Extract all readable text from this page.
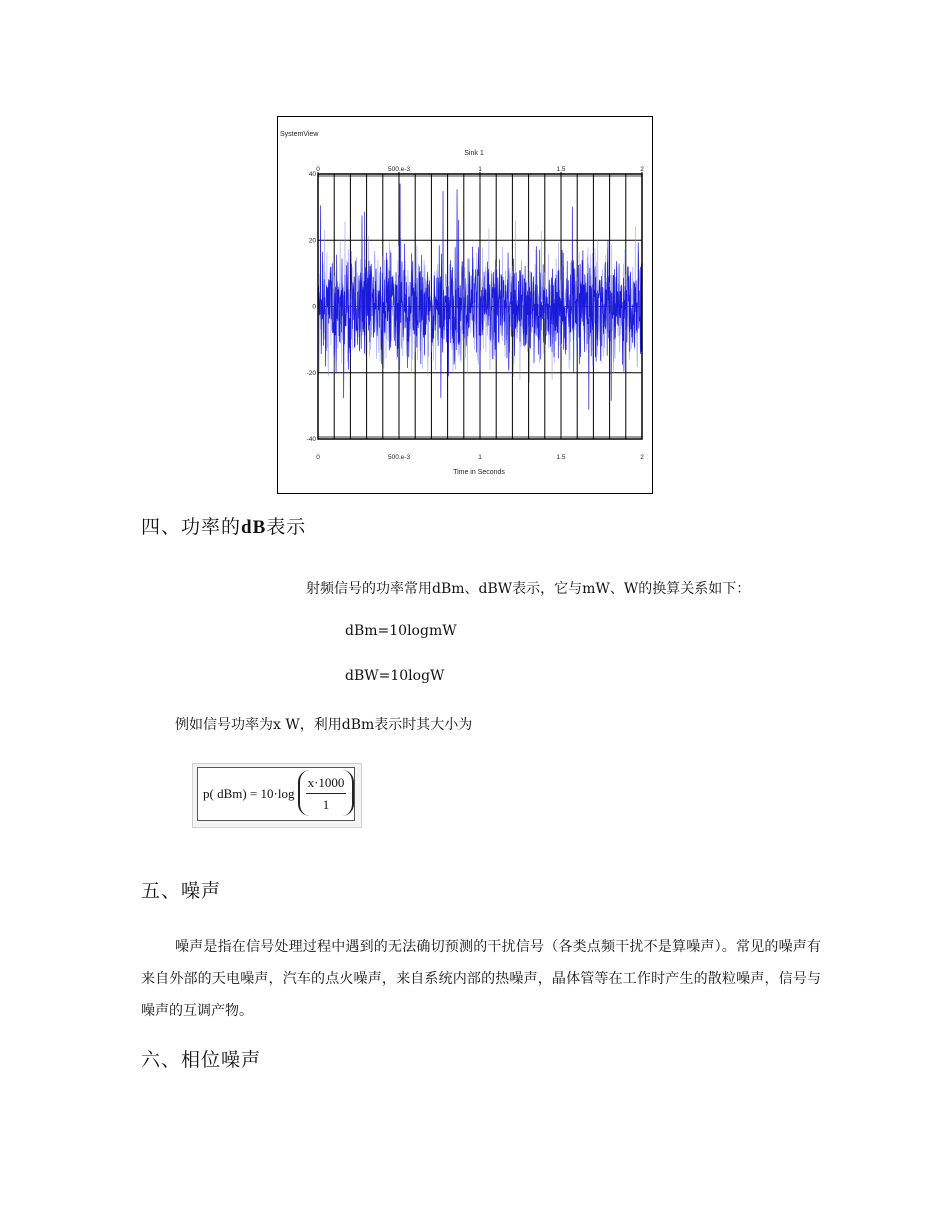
SystemView
Sink 1
Time in Seconds
0
0
500.e-3
500.e-3
1
1
1.5
1.5
2
2
40
20
0
-20
-40
四、功率的dB表示

射频信号的功率常用dBm、dBW表示，它与mW、W的换算关系如下：

dBm=10logmW

dBW=10logW

例如信号功率为x W，利用dBm表示时其大小为

p( dBm) = 10·log
x·1000
1
五、噪声

噪声是指在信号处理过程中遇到的无法确切预测的干扰信号（各类点频干扰不是算噪声）。常见的噪声有来自外部的天电噪声，汽车的点火噪声，来自系统内部的热噪声，晶体管等在工作时产生的散粒噪声，信号与噪声的互调产物。

六、相位噪声
